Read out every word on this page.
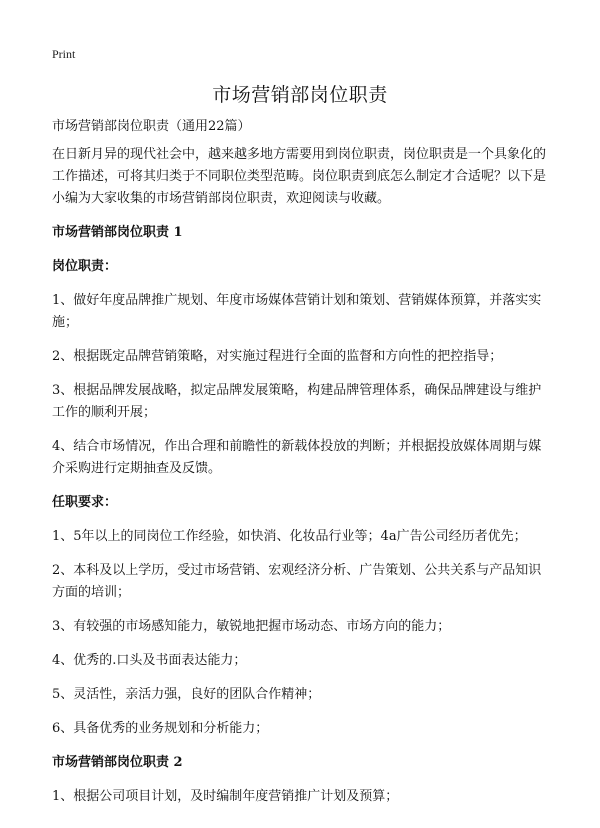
Print
市场营销部岗位职责

市场营销部岗位职责（通用22篇）

在日新月异的现代社会中，越来越多地方需要用到岗位职责，岗位职责是一个具象化的工作描述，可将其归类于不同职位类型范畴。岗位职责到底怎么制定才合适呢？以下是小编为大家收集的市场营销部岗位职责，欢迎阅读与收藏。

市场营销部岗位职责 1

岗位职责：

1、做好年度品牌推广规划、年度市场媒体营销计划和策划、营销媒体预算，并落实实施；

2、根据既定品牌营销策略，对实施过程进行全面的监督和方向性的把控指导；

3、根据品牌发展战略，拟定品牌发展策略，构建品牌管理体系，确保品牌建设与维护工作的顺利开展；

4、结合市场情况，作出合理和前瞻性的新载体投放的判断；并根据投放媒体周期与媒介采购进行定期抽查及反馈。

任职要求：

1、5年以上的同岗位工作经验，如快消、化妆品行业等；4a广告公司经历者优先；

2、本科及以上学历，受过市场营销、宏观经济分析、广告策划、公共关系与产品知识方面的培训；

3、有较强的市场感知能力，敏锐地把握市场动态、市场方向的能力；

4、优秀的.口头及书面表达能力；

5、灵活性，亲活力强，良好的团队合作精神；

6、具备优秀的业务规划和分析能力；

市场营销部岗位职责 2

1、根据公司项目计划，及时编制年度营销推广计划及预算；
